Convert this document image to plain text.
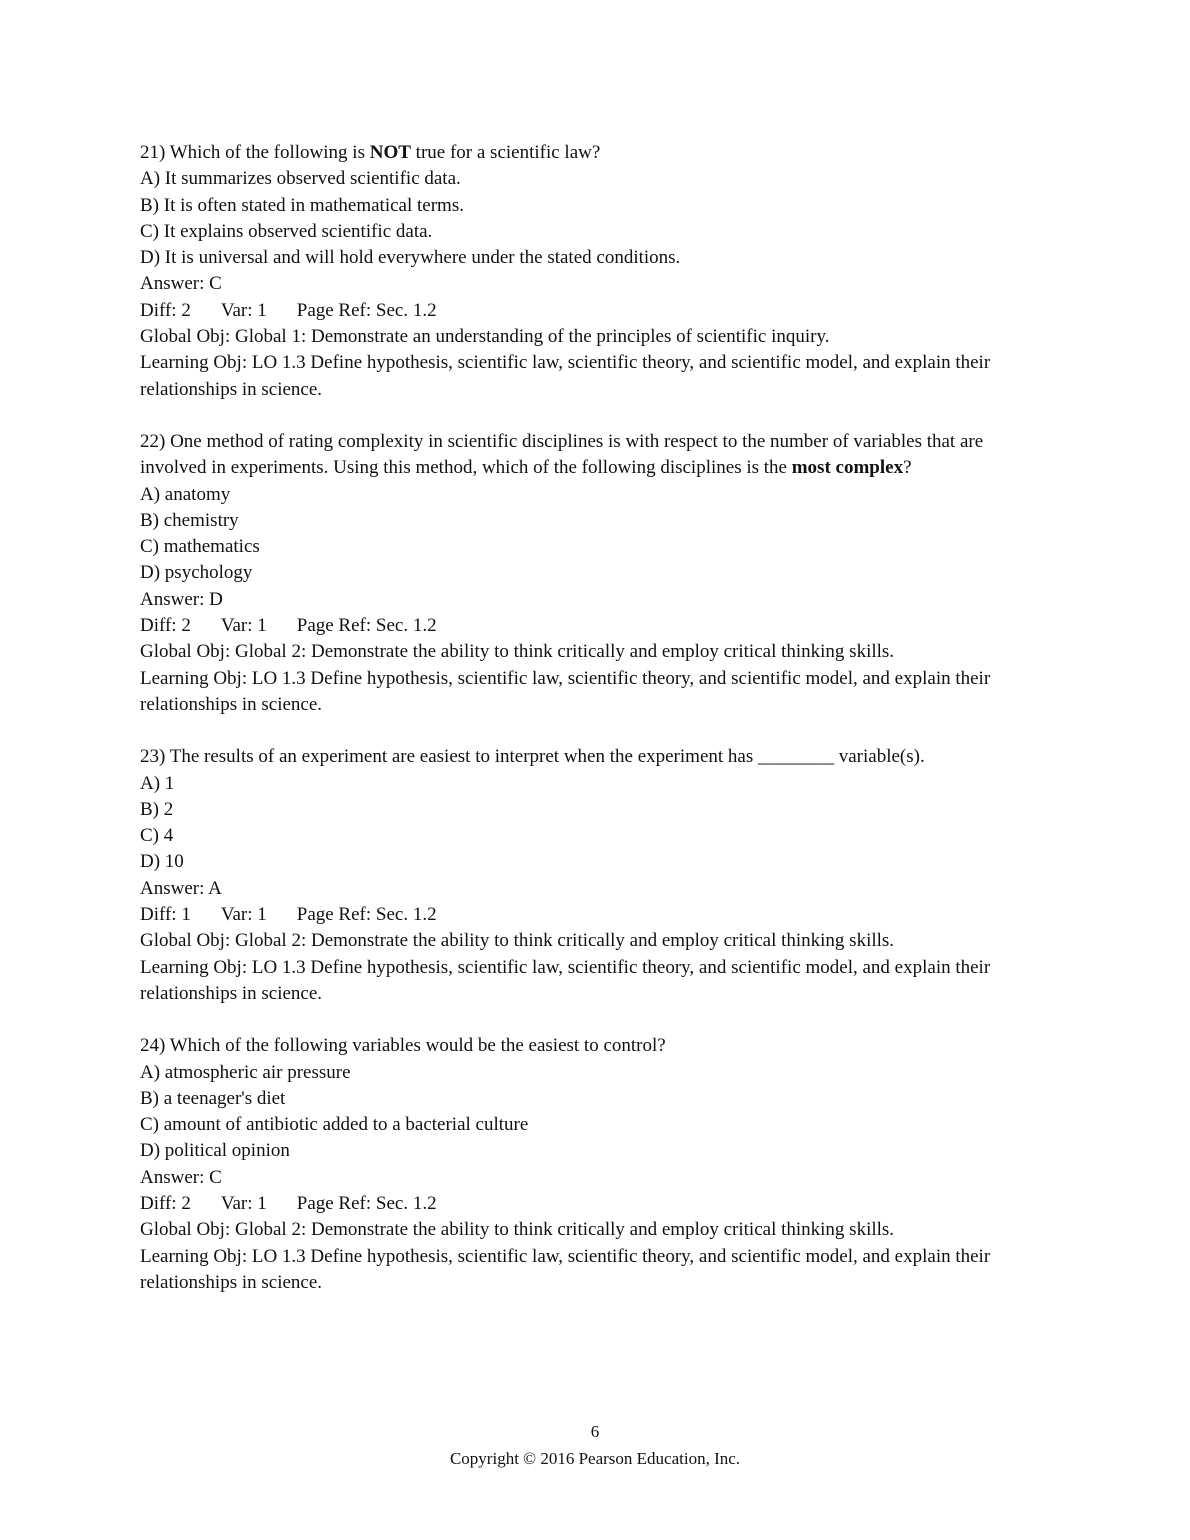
21) Which of the following is NOT true for a scientific law?
A) It summarizes observed scientific data.
B) It is often stated in mathematical terms.
C) It explains observed scientific data.
D) It is universal and will hold everywhere under the stated conditions.
Answer: C
Diff: 2 Var: 1 Page Ref: Sec. 1.2
Global Obj: Global 1: Demonstrate an understanding of the principles of scientific inquiry.
Learning Obj: LO 1.3 Define hypothesis, scientific law, scientific theory, and scientific model, and explain their relationships in science.
22) One method of rating complexity in scientific disciplines is with respect to the number of variables that are involved in experiments. Using this method, which of the following disciplines is the most complex?
A) anatomy
B) chemistry
C) mathematics
D) psychology
Answer: D
Diff: 2 Var: 1 Page Ref: Sec. 1.2
Global Obj: Global 2: Demonstrate the ability to think critically and employ critical thinking skills.
Learning Obj: LO 1.3 Define hypothesis, scientific law, scientific theory, and scientific model, and explain their relationships in science.
23) The results of an experiment are easiest to interpret when the experiment has ________ variable(s).
A) 1
B) 2
C) 4
D) 10
Answer: A
Diff: 1 Var: 1 Page Ref: Sec. 1.2
Global Obj: Global 2: Demonstrate the ability to think critically and employ critical thinking skills.
Learning Obj: LO 1.3 Define hypothesis, scientific law, scientific theory, and scientific model, and explain their relationships in science.
24) Which of the following variables would be the easiest to control?
A) atmospheric air pressure
B) a teenager's diet
C) amount of antibiotic added to a bacterial culture
D) political opinion
Answer: C
Diff: 2 Var: 1 Page Ref: Sec. 1.2
Global Obj: Global 2: Demonstrate the ability to think critically and employ critical thinking skills.
Learning Obj: LO 1.3 Define hypothesis, scientific law, scientific theory, and scientific model, and explain their relationships in science.
6
Copyright © 2016 Pearson Education, Inc.
